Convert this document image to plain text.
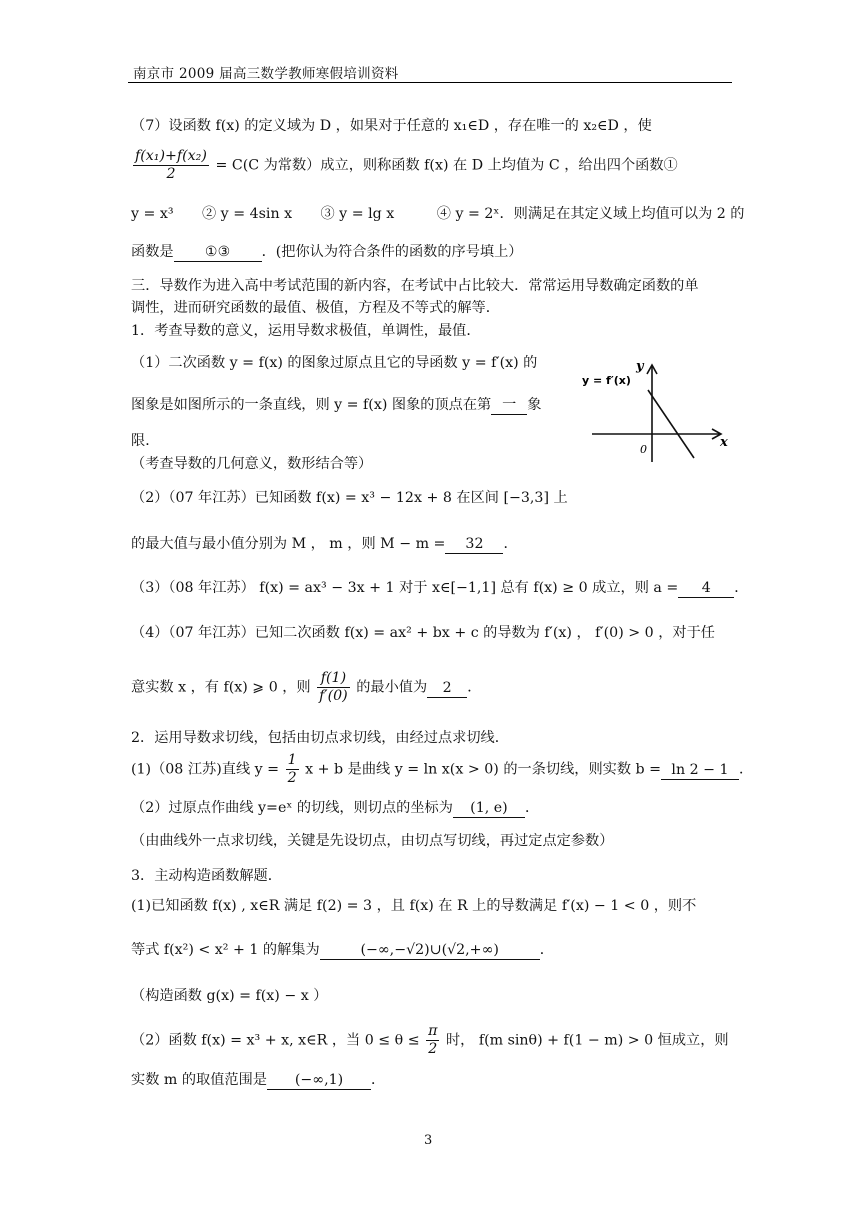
南京市 2009 届高三数学教师寒假培训资料
（7）设函数 f(x) 的定义域为 D ，如果对于任意的 x₁∈D ，存在唯一的 x₂∈D ，使
$\frac{\text{f(x₁)+f(x₂)}}{2} = C(C$ 为常数）成立，则称函数 f(x) 在 D 上均值为 C ，给出四个函数①
y = x³　　② y = 4sin x　　③ y = lg x　　　④ y = 2ˣ．则满足在其定义域上均值可以为 2 的
函数是 ①③ ．(把你认为符合条件的函数的序号填上）
三．导数作为进入高中考试范围的新内容，在考试中占比较大．常常运用导数确定函数的单
调性，进而研究函数的最值、极值，方程及不等式的解等．
1．考查导数的意义，运用导数求极值，单调性，最值．
（1）二次函数 y = f(x) 的图象过原点且它的导函数 y = f′(x) 的
图象是如图所示的一条直线，则 y = f(x) 图象的顶点在第 一 象
限．
（考查导数的几何意义，数形结合等）
（2）（07 年江苏）已知函数 f(x) = x³ − 12x + 8 在区间 [−3,3] 上
的最大值与最小值分别为 M ， m ，则 M − m = 32 ．
（3）（08 年江苏） f(x) = ax³ − 3x + 1 对于 x∈[−1,1] 总有 f(x) ≥ 0 成立，则 a = 4 ．
（4）（07 年江苏）已知二次函数 f(x) = ax² + bx + c 的导数为 f′(x) ， f′(0) > 0 ，对于任
意实数 x ，有 f(x) ⩾ 0 ，则 $\frac{f(1)}{f'(0)}$ 的最小值为 2 ．
2．运用导数求切线，包括由切点求切线，由经过点求切线．
(1)（08 江苏)直线 $y = \frac{1}{2}$ x + b 是曲线 y = ln x(x > 0) 的一条切线，则实数 b = ln 2 − 1 ．
（2）过原点作曲线 y=eˣ 的切线，则切点的坐标为 (1, e) ．
（由曲线外一点求切线，关键是先设切点，由切点写切线，再过定点定参数）
3．主动构造函数解题．
(1)已知函数 f(x) , x∈R 满足 f(2) = 3 ，且 f(x) 在 R 上的导数满足 f′(x) − 1 < 0 ，则不
等式 f(x²) < x² + 1 的解集为	(−∞,−√2)∪(√2,+∞)	．
（构造函数 g(x) = f(x) − x ）
（2）函数 f(x) = x³ + x, x∈R ，当 $0 \le \theta \le \frac{\pi}{2}$ 时， f(m sinθ) + f(1 − m) > 0 恒成立，则
实数 m 的取值范围是 (−∞,1) ．
y = f′(x)
y
x
0
3
